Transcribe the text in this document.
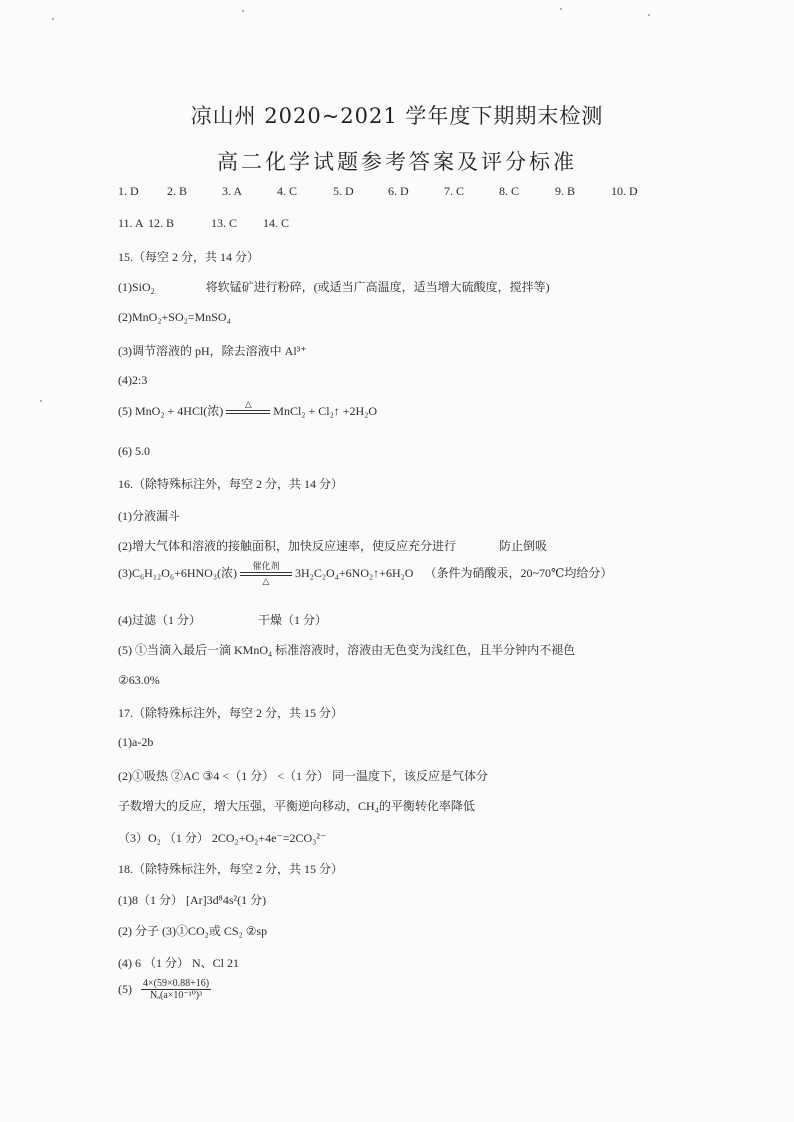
凉山州 2020~2021 学年度下期期末检测
高二化学试题参考答案及评分标准
1. D 2. B	3. A	4. C	5. D	6. D	7. C	8. C	9. B	10. D
11. A 12. B	13. C 14. C
15.（每空 2 分，共 14 分）
(1)SiO2	将软锰矿进行粉碎，(或适当广高温度，适当增大硫酸度，搅拌等)
(2)MnO₂+SO₂=MnSO₄
(3)调节溶液的 pH，除去溶液中 Al³⁺
(4)2:3
(5) MnO₂ + 4HCl(浓)	△
	MnCl₂ + Cl₂↑ +2H₂O
(6) 5.0
16.（除特殊标注外，每空 2 分，共 14 分）
(1)分液漏斗
(2)增大气体和溶液的接触面积，加快反应速率，使反应充分进行	防止倒吸
(3)C₆H₁₂O₆+6HNO₃(浓)	催化剂
△
3H₂C₂O₄+6NO₂↑+6H₂O （条件为硝酸汞，20~70℃均给分）
(4)过滤（1 分）	干燥（1 分）
(5) ①当滴入最后一滴 KMnO₄ 标准溶液时，溶液由无色变为浅红色，且半分钟内不褪色
②63.0%
17.（除特殊标注外，每空 2 分，共 15 分）
(1)a-2b
(2)①吸热 ②AC ③4 <（1 分） <（1 分） 同一温度下，该反应是气体分
子数增大的反应，增大压强，平衡逆向移动，CH₄的平衡转化率降低
（3）O₂ （1 分） 2CO₂+O₂+4e⁻=2CO₃²⁻
18.（除特殊标注外，每空 2 分，共 15 分）
(1)8（1 分） [Ar]3d⁸4s²(1 分)
(2) 分子 (3)①CO₂或 CS₂ ②sp
(4) 6 （1 分） N、Cl 21
$(5) \frac{4\times(59\times 0.88+16)}{\text{Nₐ(a×10⁻¹⁰)³}}$
